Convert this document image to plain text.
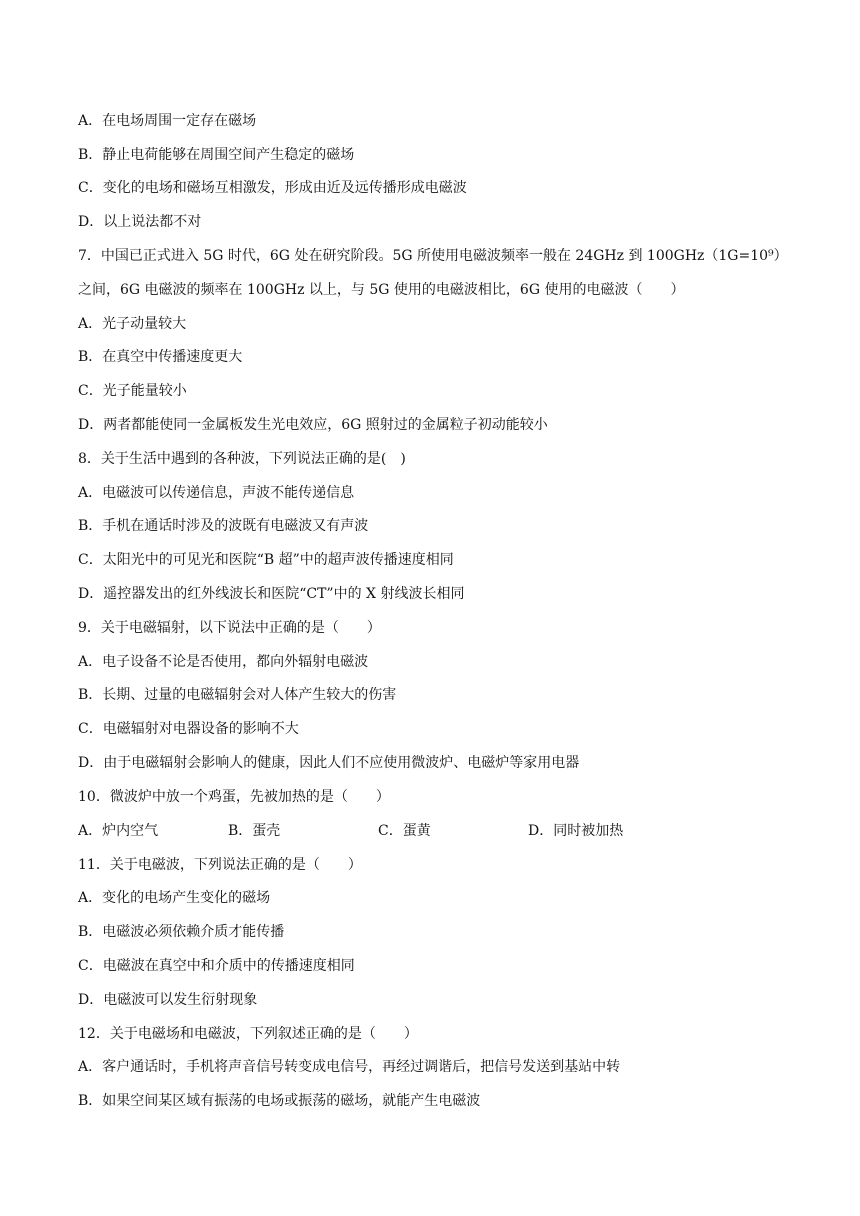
A．在电场周围一定存在磁场
B．静止电荷能够在周围空间产生稳定的磁场
C．变化的电场和磁场互相激发，形成由近及远传播形成电磁波
D．以上说法都不对
7．中国已正式进入 5G 时代，6G 处在研究阶段。5G 所使用电磁波频率一般在 24GHz 到 100GHz（1G=10⁹）
之间，6G 电磁波的频率在 100GHz 以上，与 5G 使用的电磁波相比，6G 使用的电磁波（　　）
A．光子动量较大
B．在真空中传播速度更大
C．光子能量较小
D．两者都能使同一金属板发生光电效应，6G 照射过的金属粒子初动能较小
8．关于生活中遇到的各种波，下列说法正确的是(　)
A．电磁波可以传递信息，声波不能传递信息
B．手机在通话时涉及的波既有电磁波又有声波
C．太阳光中的可见光和医院“B 超”中的超声波传播速度相同
D．遥控器发出的红外线波长和医院“CT”中的 X 射线波长相同
9．关于电磁辐射，以下说法中正确的是（　　）
A．电子设备不论是否使用，都向外辐射电磁波
B．长期、过量的电磁辐射会对人体产生较大的伤害
C．电磁辐射对电器设备的影响不大
D．由于电磁辐射会影响人的健康，因此人们不应使用微波炉、电磁炉等家用电器
10．微波炉中放一个鸡蛋，先被加热的是（　　）
A．炉内空气	B．蛋壳	C．蛋黄	D．同时被加热
11．关于电磁波，下列说法正确的是（　　）
A．变化的电场产生变化的磁场
B．电磁波必须依赖介质才能传播
C．电磁波在真空中和介质中的传播速度相同
D．电磁波可以发生衍射现象
12．关于电磁场和电磁波，下列叙述正确的是（　　）
A．客户通话时，手机将声音信号转变成电信号，再经过调谐后，把信号发送到基站中转
B．如果空间某区域有振荡的电场或振荡的磁场，就能产生电磁波
